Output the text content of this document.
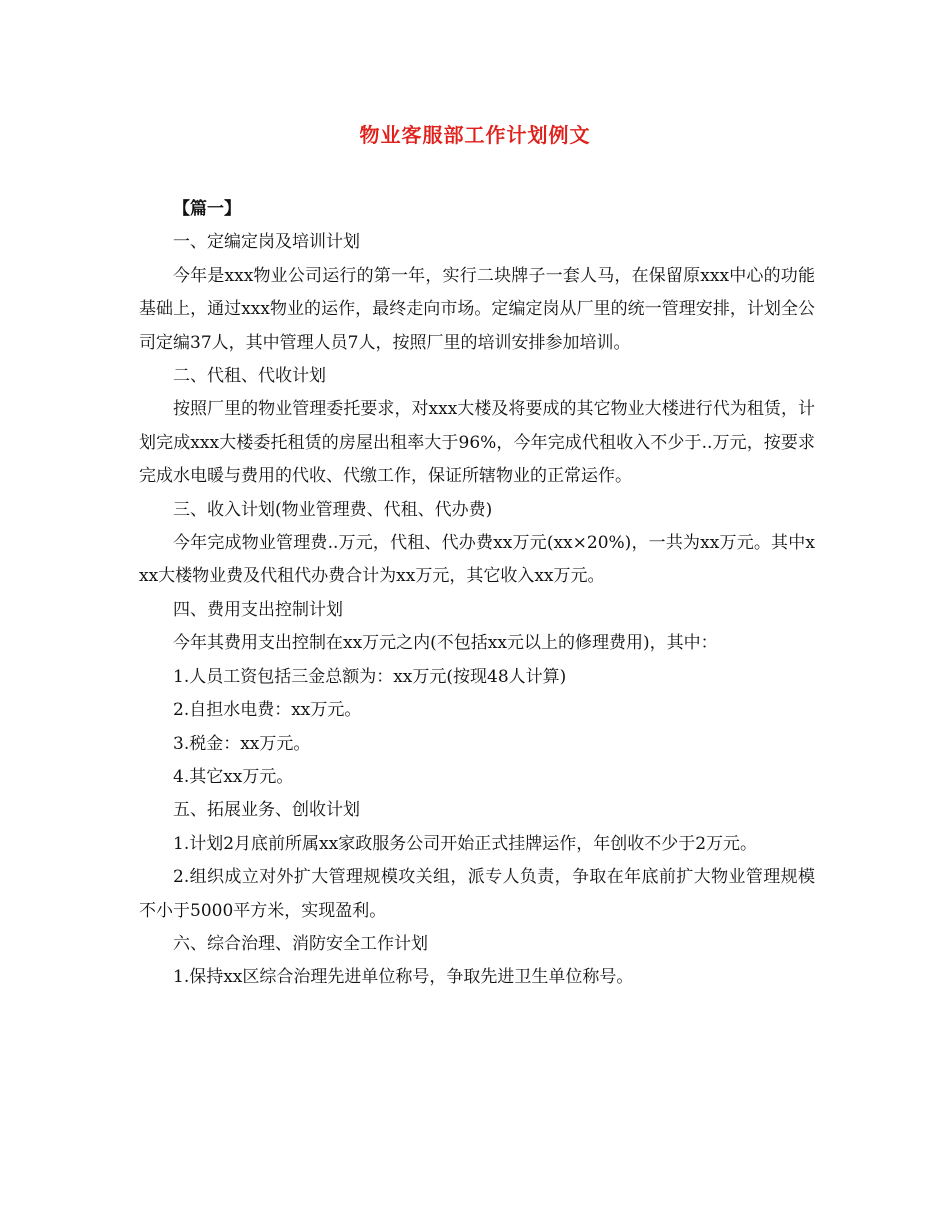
物业客服部工作计划例文

【篇一】

一、定编定岗及培训计划

今年是xxx物业公司运行的第一年，实行二块牌子一套人马，在保留原xxx中心的功能基础上，通过xxx物业的运作，最终走向市场。定编定岗从厂里的统一管理安排，计划全公司定编37人，其中管理人员7人，按照厂里的培训安排参加培训。

二、代租、代收计划

按照厂里的物业管理委托要求，对xxx大楼及将要成的其它物业大楼进行代为租赁，计划完成xxx大楼委托租赁的房屋出租率大于96%，今年完成代租收入不少于..万元，按要求完成水电暖与费用的代收、代缴工作，保证所辖物业的正常运作。

三、收入计划(物业管理费、代租、代办费)

今年完成物业管理费..万元，代租、代办费xx万元(xx×20%)，一共为xx万元。其中xxx大楼物业费及代租代办费合计为xx万元，其它收入xx万元。

四、费用支出控制计划

今年其费用支出控制在xx万元之内(不包括xx元以上的修理费用)，其中：

1.人员工资包括三金总额为：xx万元(按现48人计算)

2.自担水电费：xx万元。

3.税金：xx万元。

4.其它xx万元。

五、拓展业务、创收计划

1.计划2月底前所属xx家政服务公司开始正式挂牌运作，年创收不少于2万元。

2.组织成立对外扩大管理规模攻关组，派专人负责，争取在年底前扩大物业管理规模不小于5000平方米，实现盈利。

六、综合治理、消防安全工作计划

1.保持xx区综合治理先进单位称号，争取先进卫生单位称号。
